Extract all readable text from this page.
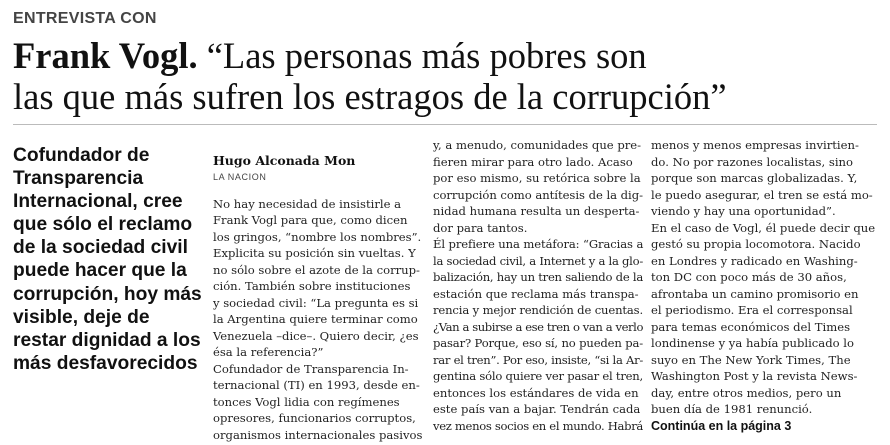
ENTREVISTA CON
Frank Vogl. “Las personas más pobres son
las que más sufren los estragos de la corrupción”
Cofundador de Transparencia Internacional, cree que sólo el reclamo de la sociedad civil puede hacer que la corrupción, hoy más visible, deje de restar dignidad a los más desfavorecidos
Hugo Alconada Mon
LA NACION
No hay necesidad de insistirle a
Frank Vogl para que, como dicen
los gringos, “nombre los nombres”.
Explicita su posición sin vueltas. Y
no sólo sobre el azote de la corrup-
ción. También sobre instituciones
y sociedad civil: “La pregunta es si
la Argentina quiere terminar como
Venezuela –dice–. Quiero decir, ¿es
ésa la referencia?”
Cofundador de Transparencia In-
ternacional (TI) en 1993, desde en-
tonces Vogl lidia con regímenes
opresores, funcionarios corruptos,
organismos internacionales pasivos
y, a menudo, comunidades que pre-
fieren mirar para otro lado. Acaso
por eso mismo, su retórica sobre la
corrupción como antítesis de la dig-
nidad humana resulta un desperta-
dor para tantos.
Él prefiere una metáfora: “Gracias a
la sociedad civil, a Internet y a la glo-
balización, hay un tren saliendo de la
estación que reclama más transpa-
rencia y mejor rendición de cuentas.
¿Van a subirse a ese tren o van a verlo
pasar? Porque, eso sí, no pueden pa-
rar el tren”. Por eso, insiste, “si la Ar-
gentina sólo quiere ver pasar el tren,
entonces los estándares de vida en
este país van a bajar. Tendrán cada
vez menos socios en el mundo. Habrá
menos y menos empresas invirtien-
do. No por razones localistas, sino
porque son marcas globalizadas. Y,
le puedo asegurar, el tren se está mo-
viendo y hay una oportunidad”.
En el caso de Vogl, él puede decir que
gestó su propia locomotora. Nacido
en Londres y radicado en Washing-
ton DC con poco más de 30 años,
afrontaba un camino promisorio en
el periodismo. Era el corresponsal
para temas económicos del Times
londinense y ya había publicado lo
suyo en The New York Times, The
Washington Post y la revista News-
day, entre otros medios, pero un
buen día de 1981 renunció.
Continúa en la página 3
